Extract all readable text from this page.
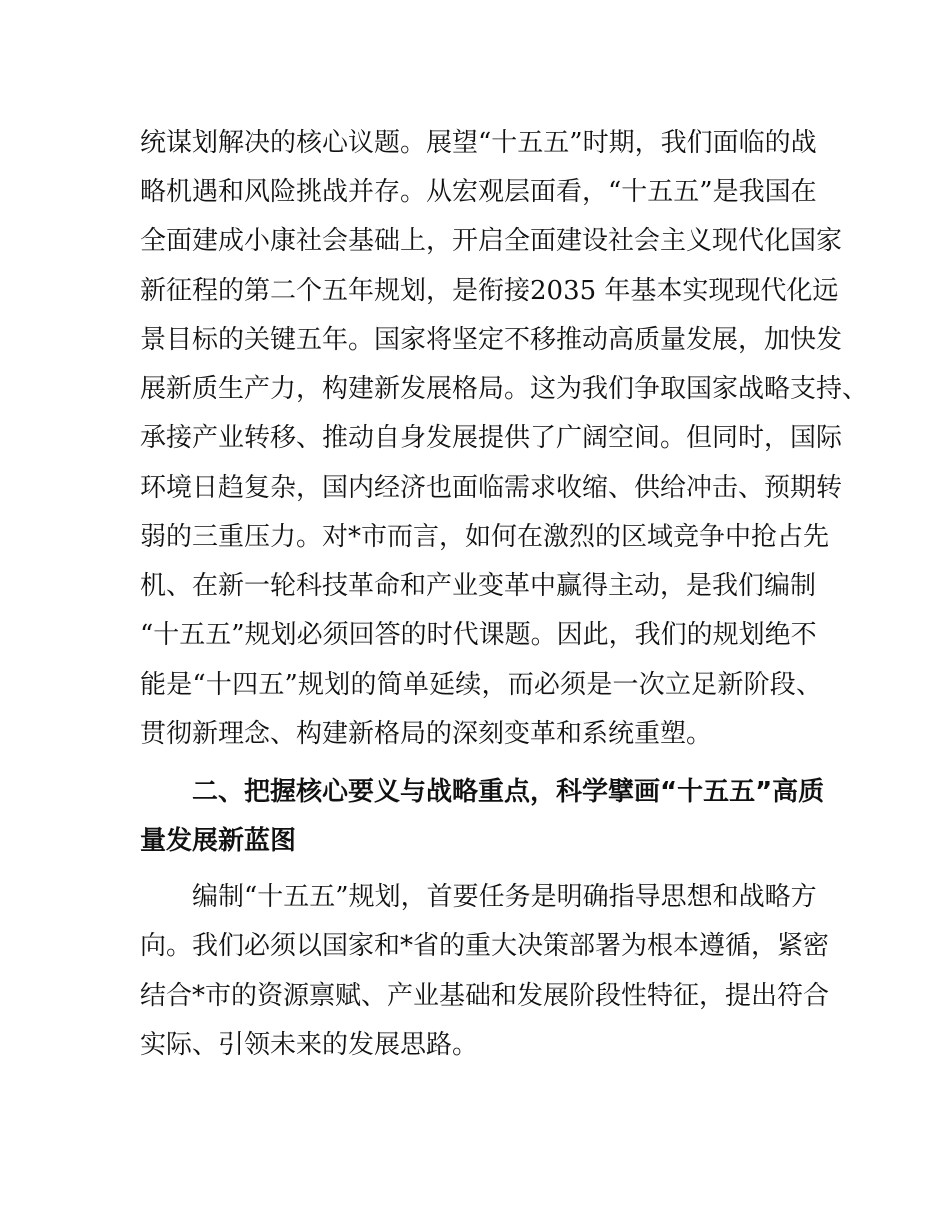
统谋划解决的核心议题。展望“十五五”时期，我们面临的战
略机遇和风险挑战并存。从宏观层面看，“十五五”是我国在
全面建成小康社会基础上，开启全面建设社会主义现代化国家
新征程的第二个五年规划，是衔接2035 年基本实现现代化远
景目标的关键五年。国家将坚定不移推动高质量发展，加快发
展新质生产力，构建新发展格局。这为我们争取国家战略支持、
承接产业转移、推动自身发展提供了广阔空间。但同时，国际
环境日趋复杂，国内经济也面临需求收缩、供给冲击、预期转
弱的三重压力。对*市而言，如何在激烈的区域竞争中抢占先
机、在新一轮科技革命和产业变革中赢得主动，是我们编制
“十五五”规划必须回答的时代课题。因此，我们的规划绝不
能是“十四五”规划的简单延续，而必须是一次立足新阶段、
贯彻新理念、构建新格局的深刻变革和系统重塑。
二、把握核心要义与战略重点，科学擘画“十五五”高质
量发展新蓝图
编制“十五五”规划，首要任务是明确指导思想和战略方
向。我们必须以国家和*省的重大决策部署为根本遵循，紧密
结合*市的资源禀赋、产业基础和发展阶段性特征，提出符合
实际、引领未来的发展思路。
